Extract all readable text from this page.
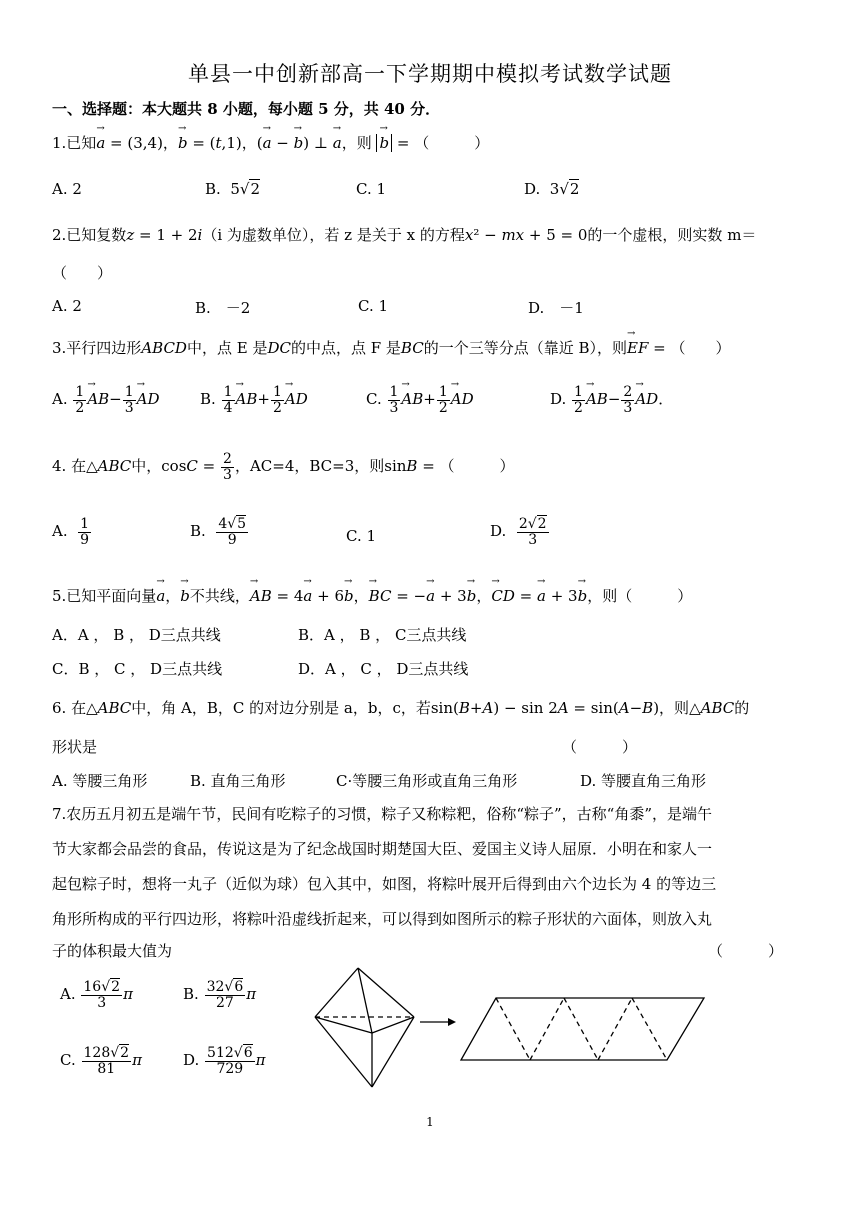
单县一中创新部高一下学期期中模拟考试数学试题
一、选择题：本大题共 8 小题，每小题 5 分，共 40 分．
1.已知→ a = (3,4)，→ b = (t,1)，(→ a − → b) ⊥ → a，则 → b = （　　　）
A. 2	B.  5√2	C. 1	D.  3√2
2.已知复数z = 1 + 2i（i 为虚数单位），若 z 是关于 x 的方程x² − mx + 5 = 0的一个虚根，则实数 m＝
（　　）
A. 2	B.　－2	C. 1	D.　－1
3.平行四边形ABCD中，点 E 是DC的中点，点 F 是BC的一个三等分点（靠近 B），则→ EF = （　　）
A. $\frac{1}{2}$
→ $AB- \frac{1}{3}$
→ AD	B. $\frac{1}{4}$
→ $AB+ \frac{1}{2}$
→ AD	C. $\frac{1}{3}$
→ $AB+ \frac{1}{2}$
→ AD	D. $\frac{1}{2}$
→ $AB- \frac{2}{3}$
→ AD．
4. 在△ABC中，$\cos C = \frac{2}{3}$ ，AC=4，BC=3，则sinB = （　　　）
A. $\frac{1}{9}$	B. $\frac{4√5}{9}$	C. 1	D. $\frac{2√2}{3}$
5.已知平面向量→ a，→ b不共线，→ AB = 4→ a + 6→ b，→ BC = −→ a + 3→ b，→ CD = → a + 3→ b，则（　　　）
A．A ， B ， D三点共线	B．A ， B ， C三点共线
C．B ， C ， D三点共线	D．A ， C ， D三点共线
6. 在△ABC中，角 A，B，C 的对边分别是 a，b，c，若sin(B+A) − sin 2A = sin(A−B)，则△ABC的
形状是	（　　　）
A. 等腰三角形	B. 直角三角形	C·等腰三角形或直角三角形	D. 等腰直角三角形
7.农历五月初五是端午节，民间有吃粽子的习惯，粽子又称粽粑，俗称“粽子”，古称“角黍”，是端午
节大家都会品尝的食品，传说这是为了纪念战国时期楚国大臣、爱国主义诗人屈原．小明在和家人一
起包粽子时，想将一丸子（近似为球）包入其中，如图，将粽叶展开后得到由六个边长为 4 的等边三
角形所构成的平行四边形，将粽叶沿虚线折起来，可以得到如图所示的粽子形状的六面体，则放入丸
子的体积最大值为	（　　　）
A. $\frac{16√2}{3}$ π	B. $\frac{32√6}{27}$ π
C. $\frac{128√2}{81}$ π	D. $\frac{512√6}{729}$ π
1
